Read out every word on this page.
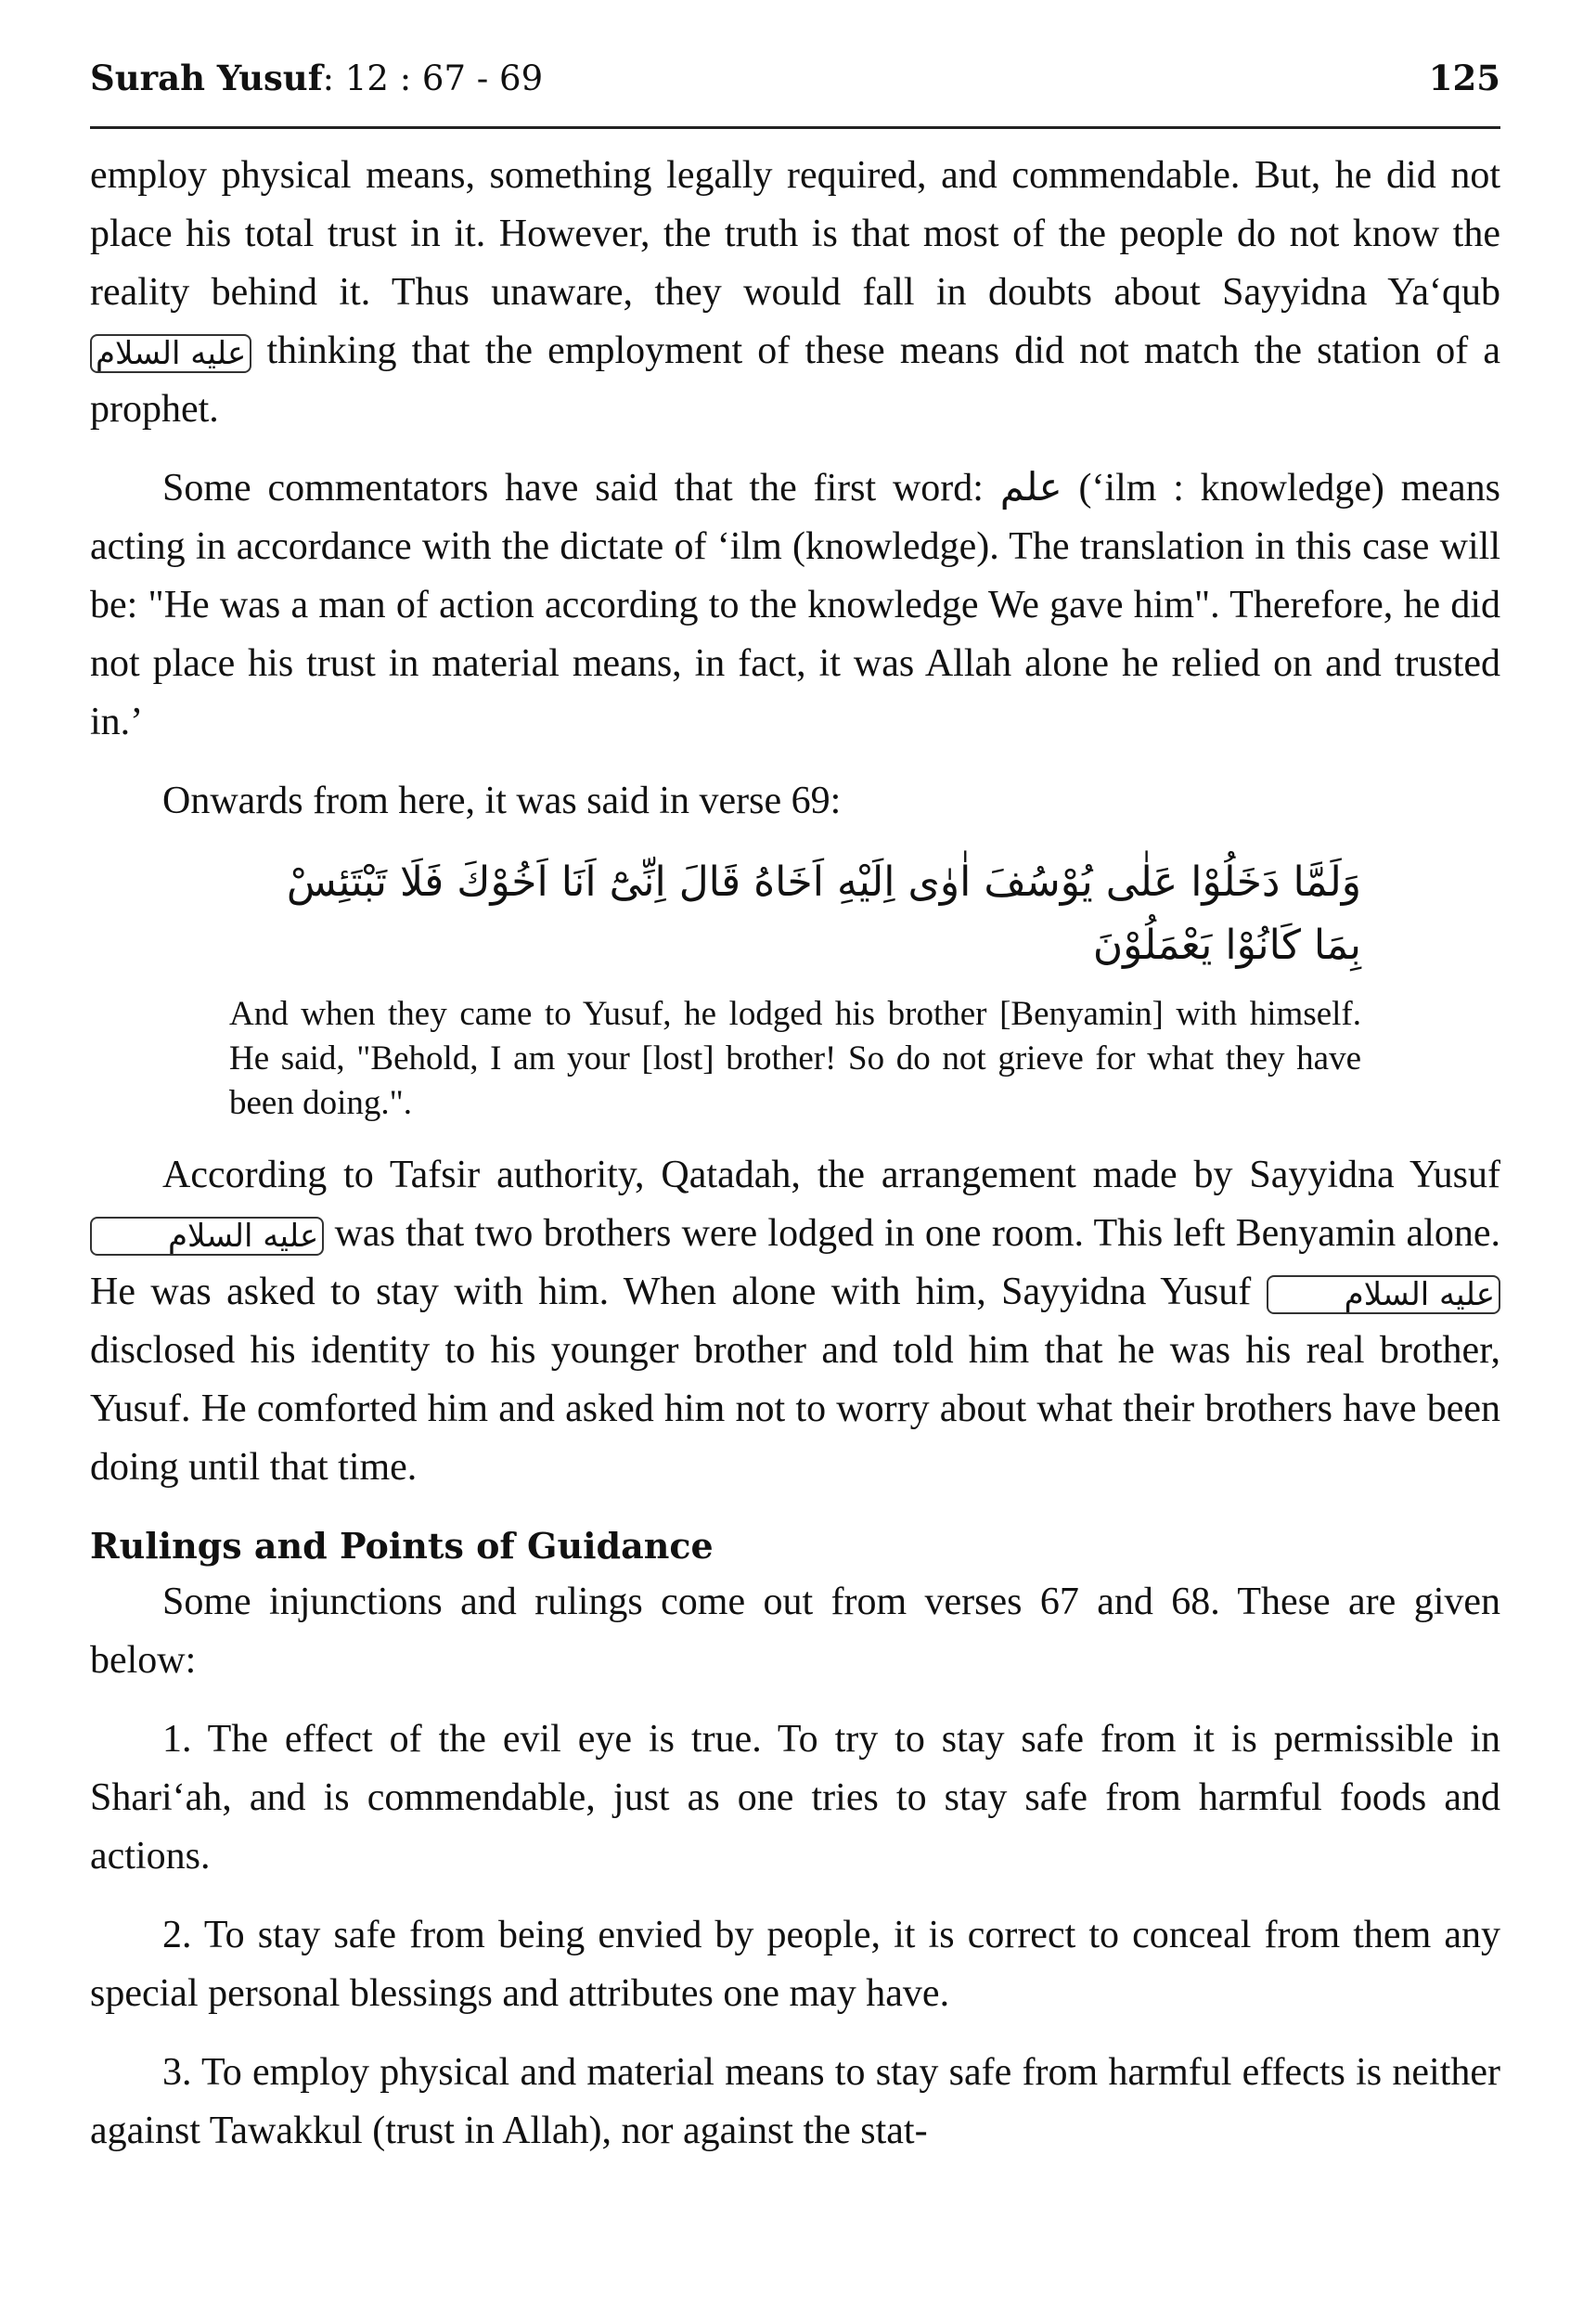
Surah Yusuf: 12 : 67 - 69	125

employ physical means, something legally required, and commendable. But, he did not place his total trust in it. However, the truth is that most of the people do not know the reality behind it. Thus unaware, they would fall in doubts about Sayyidna Ya‘qub عليه السلام thinking that the employment of these means did not match the station of a prophet.

Some commentators have said that the first word: علم (‘ilm : knowledge) means acting in accordance with the dictate of ‘ilm (knowledge). The translation in this case will be: "He was a man of action according to the knowledge We gave him". Therefore, he did not place his trust in material means, in fact, it was Allah alone he relied on and trusted in.’

Onwards from here, it was said in verse 69:

وَلَمَّا دَخَلُوْا عَلٰى يُوْسُفَ اٰوٰى اِلَيْهِ اَخَاهُ قَالَ اِنِّىْٓ اَنَا اَخُوْكَ فَلَا تَبْتَئِسْ بِمَا كَانُوْا يَعْمَلُوْنَ

And when they came to Yusuf, he lodged his brother [Benyamin] with himself. He said, "Behold, I am your [lost] brother! So do not grieve for what they have been doing.".

According to Tafsir authority, Qatadah, the arrangement made by Sayyidna Yusuf عليه السلام was that two brothers were lodged in one room. This left Benyamin alone. He was asked to stay with him. When alone with him, Sayyidna Yusuf	عليه السلام disclosed his identity to his younger brother and told him that he was his real brother, Yusuf. He comforted him and asked him not to worry about what their brothers have been doing until that time.

Rulings and Points of Guidance

Some injunctions and rulings come out from verses 67 and 68. These are given below:

1. The effect of the evil eye is true. To try to stay safe from it is permissible in Shari‘ah, and is commendable, just as one tries to stay safe from harmful foods and actions.

2. To stay safe from being envied by people, it is correct to conceal from them any special personal blessings and attributes one may have.

3. To employ physical and material means to stay safe from harmful effects is neither against Tawakkul (trust in Allah), nor against the stat-
